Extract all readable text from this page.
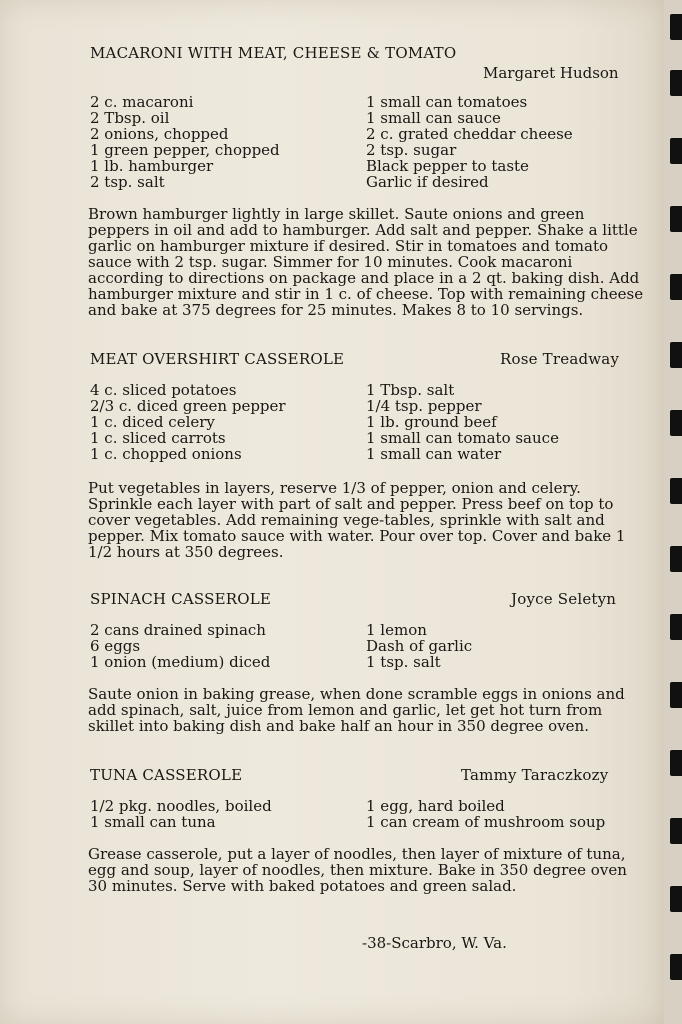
MACARONI WITH MEAT, CHEESE & TOMATO
Margaret Hudson
2 c. macaroni
2 Tbsp. oil
2 onions, chopped
1 green pepper, chopped
1 lb. hamburger
2 tsp. salt
1 small can tomatoes
1 small can sauce
2 c. grated cheddar cheese
2 tsp. sugar
Black pepper to taste
Garlic if desired

Brown hamburger lightly in large skillet. Saute onions and green peppers in oil and add to hamburger. Add salt and pepper. Shake a little garlic on hamburger mixture if desired. Stir in tomatoes and tomato sauce with 2 tsp. sugar. Simmer for 10 minutes. Cook macaroni according to directions on package and place in a 2 qt. baking dish. Add hamburger mixture and stir in 1 c. of cheese. Top with remaining cheese and bake at 375 degrees for 25 minutes. Makes 8 to 10 servings.

MEAT OVERSHIRT CASSEROLE	Rose Treadway
4 c. sliced potatoes
2/3 c. diced green pepper
1 c. diced celery
1 c. sliced carrots
1 c. chopped onions
1 Tbsp. salt
1/4 tsp. pepper
1 lb. ground beef
1 small can tomato sauce
1 small can water

Put vegetables in layers, reserve 1/3 of pepper, onion and celery. Sprinkle each layer with part of salt and pepper. Press beef on top to cover vegetables. Add remaining vege-tables, sprinkle with salt and pepper. Mix tomato sauce with water. Pour over top. Cover and bake 1 1/2 hours at 350 degrees.

SPINACH CASSEROLE	Joyce Seletyn
2 cans drained spinach
6 eggs
1 onion (medium) diced
1 lemon
Dash of garlic
1 tsp. salt

Saute onion in baking grease, when done scramble eggs in onions and add spinach, salt, juice from lemon and garlic, let get hot turn from skillet into baking dish and bake half an hour in 350 degree oven.

TUNA CASSEROLE	Tammy Taraczkozy
1/2 pkg. noodles, boiled
1 small can tuna
1 egg, hard boiled
1 can cream of mushroom soup

Grease casserole, put a layer of noodles, then layer of mixture of tuna, egg and soup, layer of noodles, then mixture. Bake in 350 degree oven 30 minutes. Serve with baked potatoes and green salad.

-38-Scarbro, W. Va.
